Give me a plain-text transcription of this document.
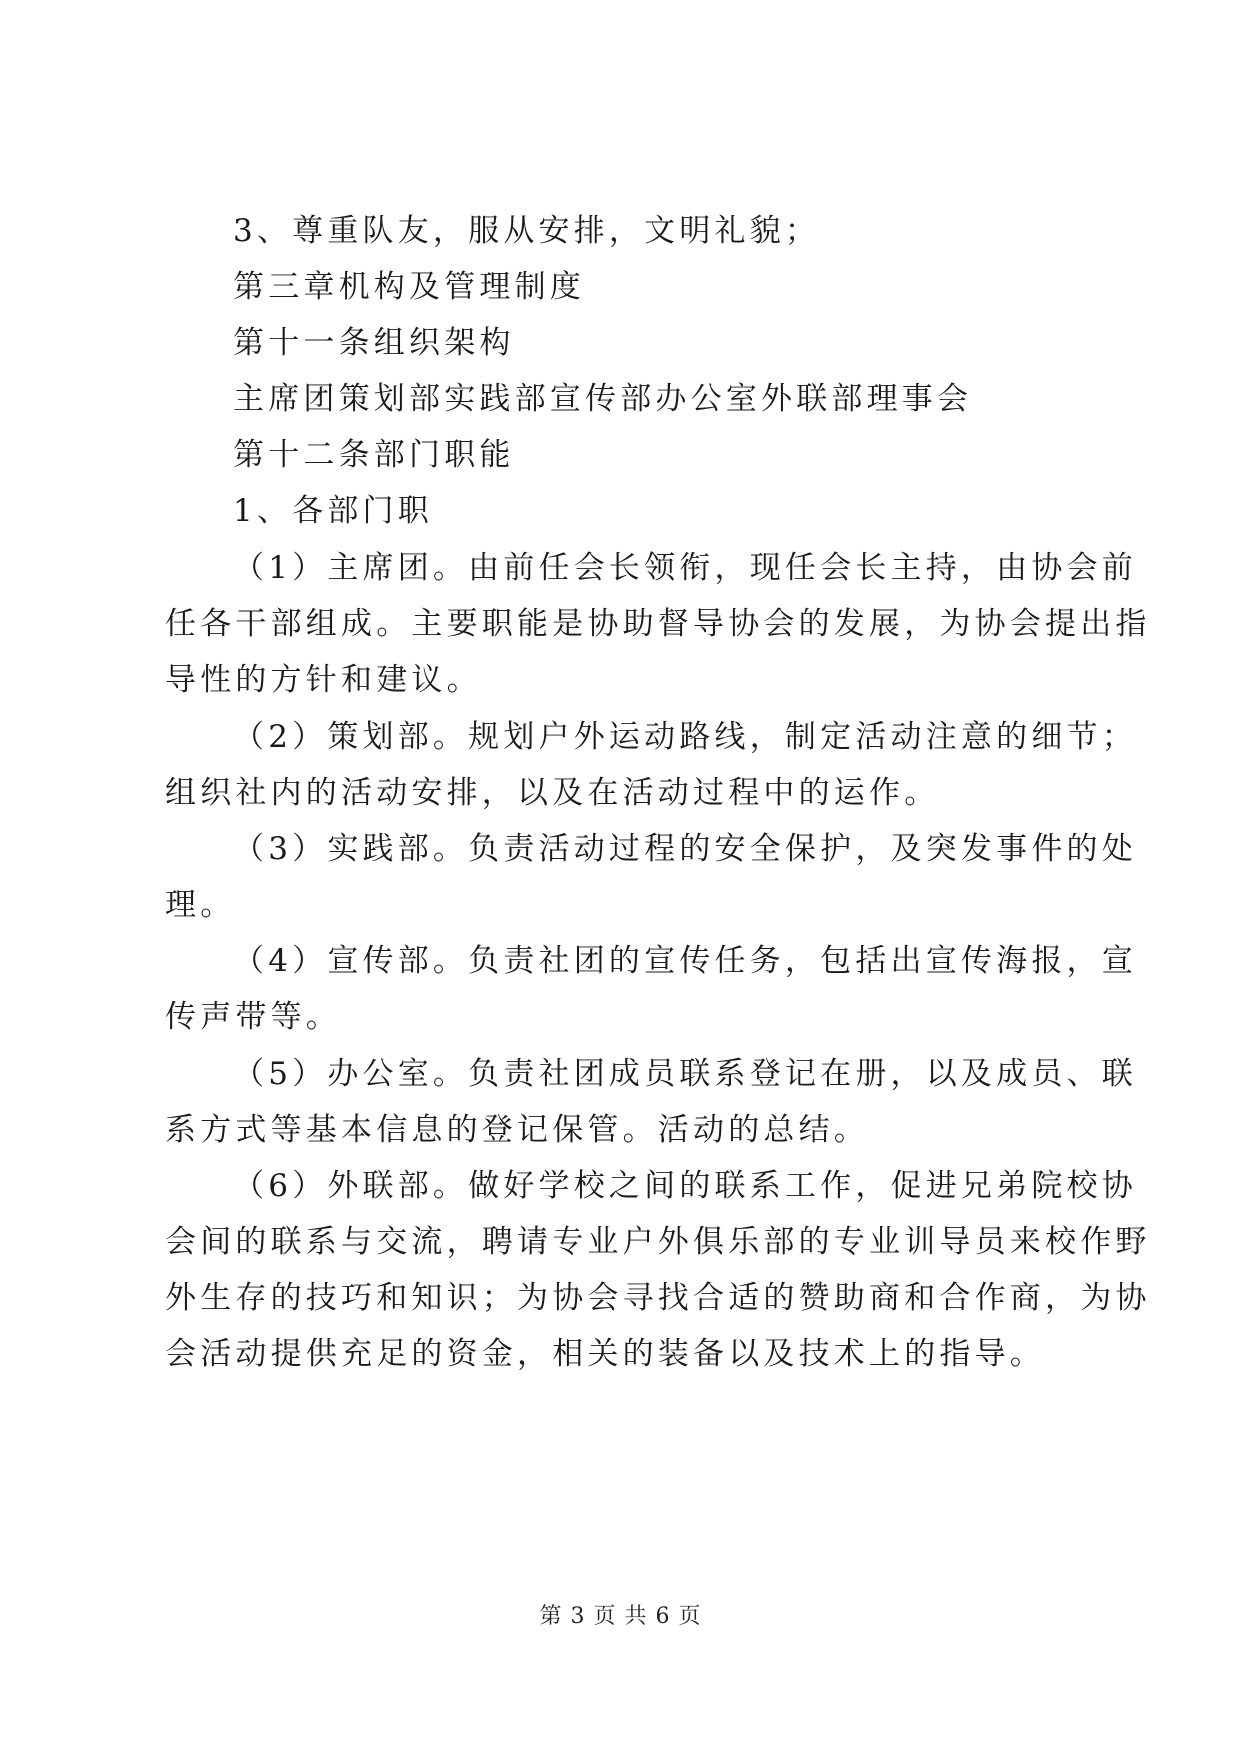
3、尊重队友，服从安排，文明礼貌；
第三章机构及管理制度
第十一条组织架构
主席团策划部实践部宣传部办公室外联部理事会
第十二条部门职能
1、各部门职
（1）主席团。由前任会长领衔，现任会长主持，由协会前
任各干部组成。主要职能是协助督导协会的发展，为协会提出指
导性的方针和建议。
（2）策划部。规划户外运动路线，制定活动注意的细节；
组织社内的活动安排，以及在活动过程中的运作。
（3）实践部。负责活动过程的安全保护，及突发事件的处
理。
（4）宣传部。负责社团的宣传任务，包括出宣传海报，宣
传声带等。
（5）办公室。负责社团成员联系登记在册，以及成员、联
系方式等基本信息的登记保管。活动的总结。
（6）外联部。做好学校之间的联系工作，促进兄弟院校协
会间的联系与交流，聘请专业户外俱乐部的专业训导员来校作野
外生存的技巧和知识；为协会寻找合适的赞助商和合作商，为协
会活动提供充足的资金，相关的装备以及技术上的指导。
第 3 页 共 6 页
